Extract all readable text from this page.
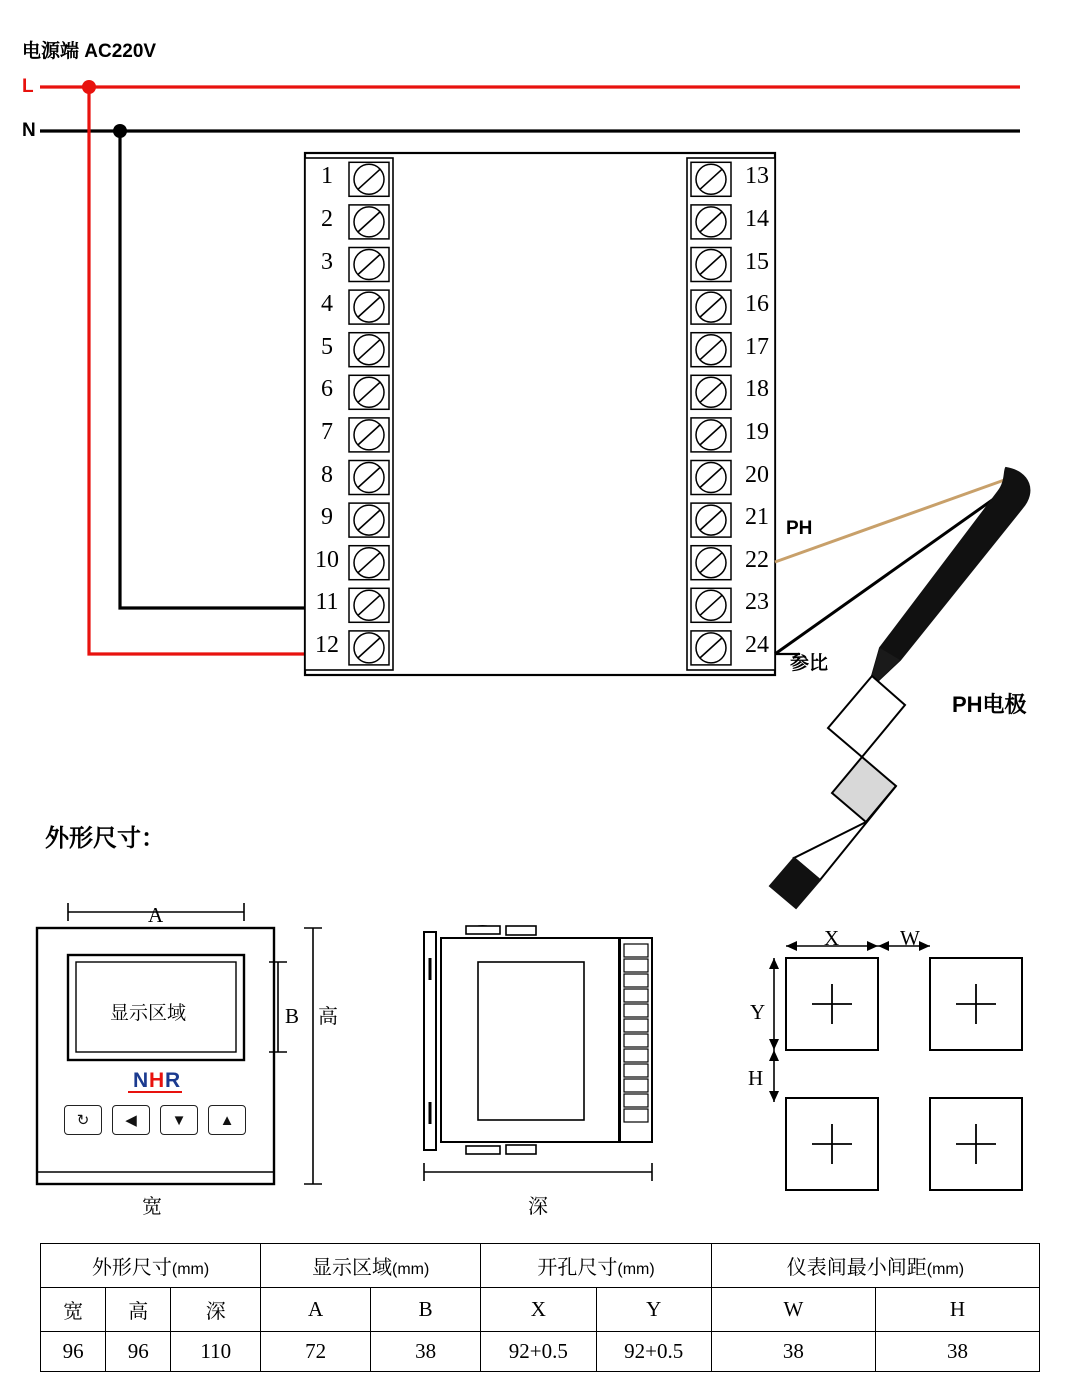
电源端 AC220V
L
N
PH
参比
PH电极
外形尺寸：
1
2
3
4
5
6
7
8
9
10
11
12
13
14
15
16
17
18
19
20
21
22
23
24
显示区域
N H R
A
B 高
宽	深
X	W
Y
H
↻	◀	▼	▲
外形尺寸(mm)			显示区域(mm)		开孔尺寸(mm)		仪表间最小间距(mm)	
宽	高	深	A	B	X	Y	W	H
96	96	110	72	38	92+0.5	92+0.5	38	38
